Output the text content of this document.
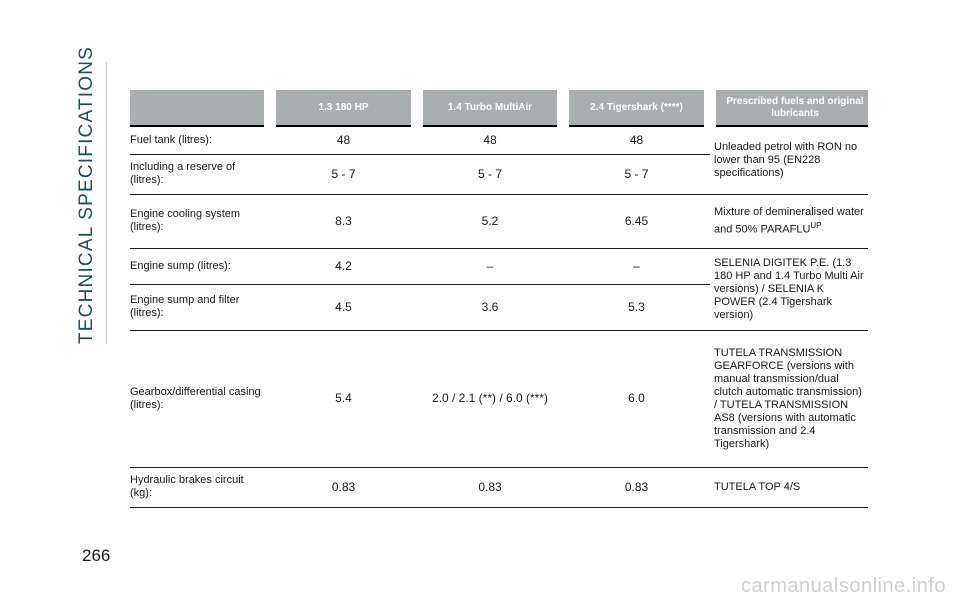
TECHNICAL SPECIFICATIONS
		1.3 180 HP	1.4 Turbo MultiAir	2.4 Tigershark (****)	Prescribed fuels and original lubricants
Fuel tank (litres):	48	48	48	Unleaded petrol with RON no lower than 95 (EN228 specifications)
Including a reserve of (litres):	5 - 7	5 - 7	5 - 7	
Engine cooling system (litres):	8.3	5.2	6.45	Mixture of demineralised water and 50% $PARAFLU^{UP}$
Engine sump (litres):	4.2	–	–	SELENIA DIGITEK P.E. (1.3 180 HP and 1.4 Turbo Multi Air versions) / SELENIA K POWER (2.4 Tigershark version)
Engine sump and filter (litres):	4.5	3.6	5.3	
Gearbox/differential casing (litres):	5.4	2.0 / 2.1 (**) / 6.0 (***)	6.0	TUTELA TRANSMISSION GEARFORCE (versions with manual transmission/dual clutch automatic transmission) / TUTELA TRANSMISSION AS8 (versions with automatic transmission and 2.4 Tigershark)
Hydraulic brakes circuit (kg):	0.83	0.83	0.83	TUTELA TOP 4/S
266
carmanualsonline.info
